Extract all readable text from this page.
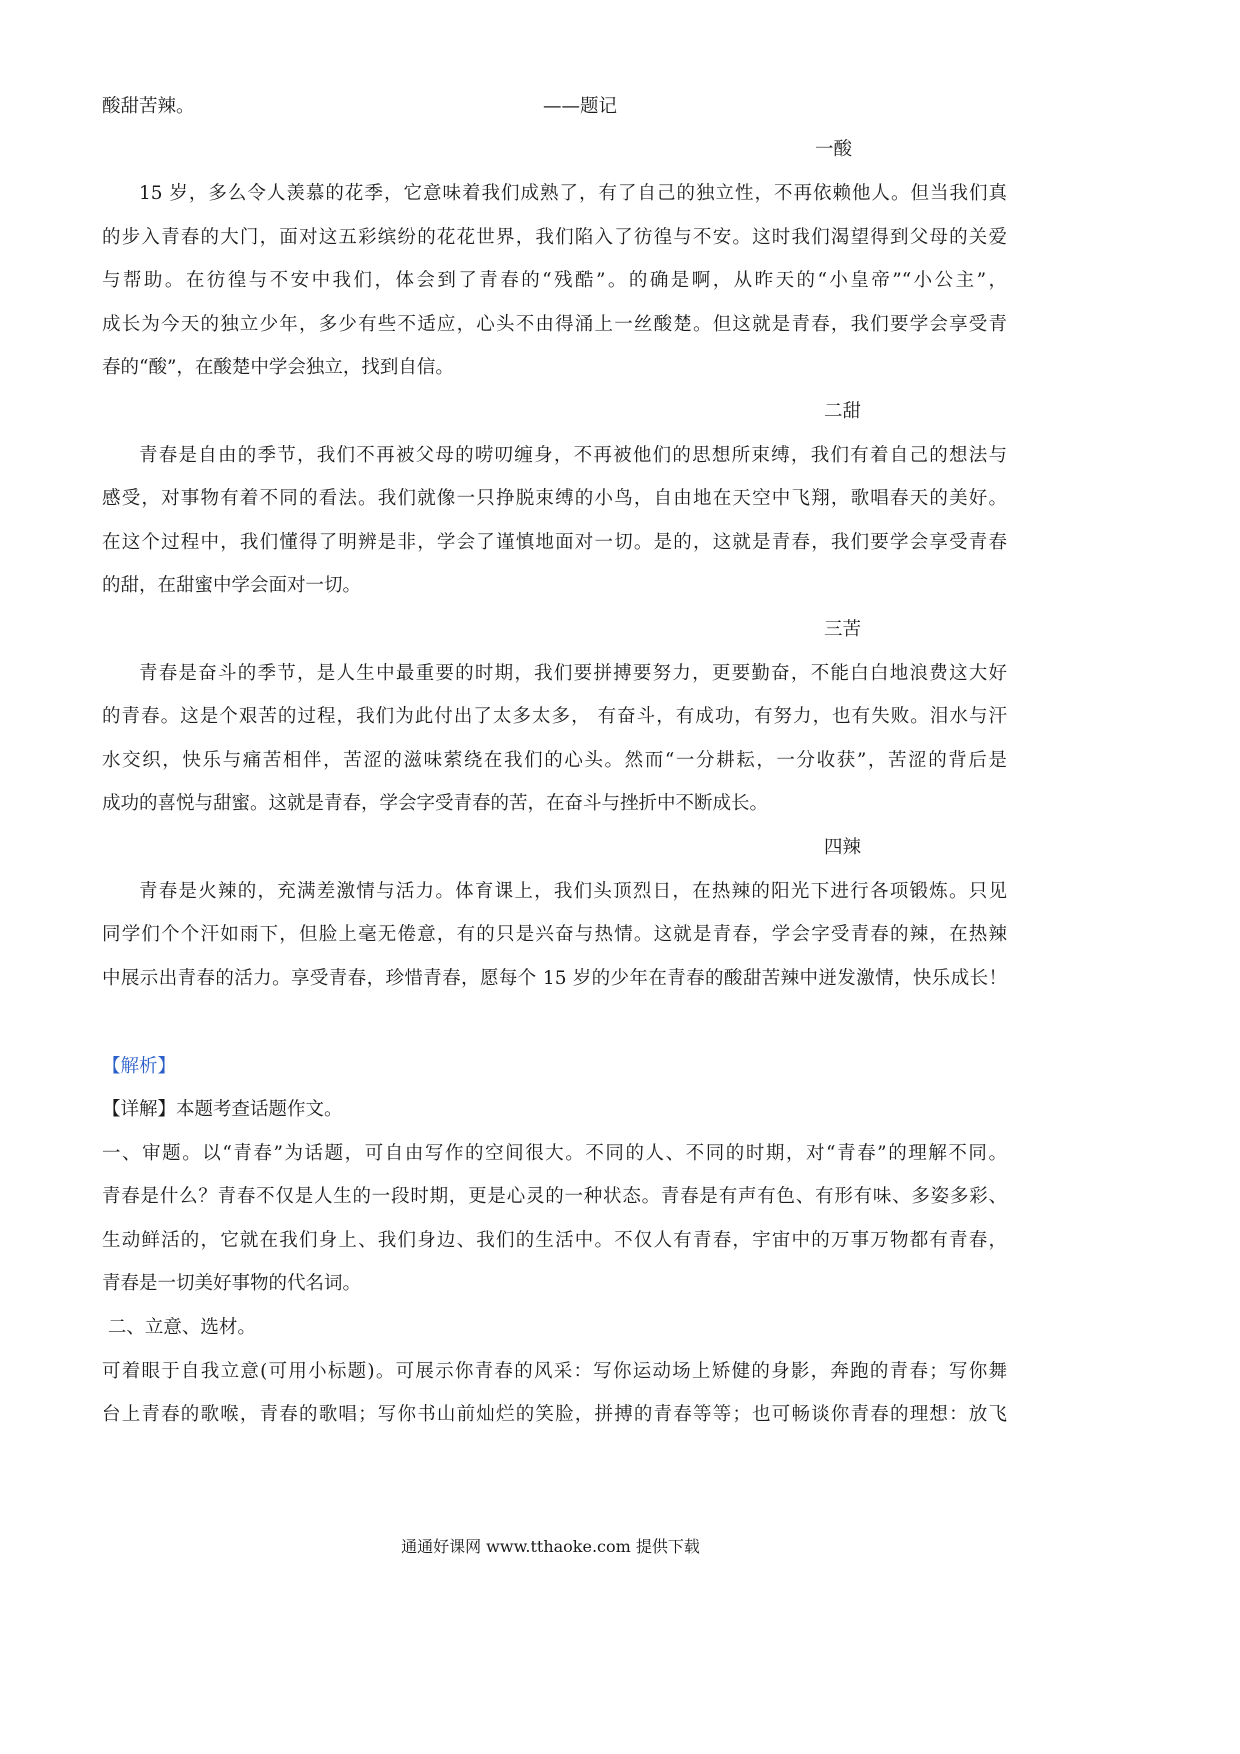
酸甜苦辣。	——题记
一酸
15 岁，多么令人羡慕的花季，它意味着我们成熟了，有了自己的独立性，不再依赖他人。但当我们真
的步入青春的大门，面对这五彩缤纷的花花世界，我们陷入了彷徨与不安。这时我们渴望得到父母的关爱
与帮助。在彷徨与不安中我们，体会到了青春的“残酷”。的确是啊，从昨天的“小皇帝”“小公主”，
成长为今天的独立少年，多少有些不适应，心头不由得涌上一丝酸楚。但这就是青春，我们要学会享受青
春的“酸”，在酸楚中学会独立，找到自信。
二甜
青春是自由的季节，我们不再被父母的唠叨缠身，不再被他们的思想所束缚，我们有着自己的想法与
感受，对事物有着不同的看法。我们就像一只挣脱束缚的小鸟，自由地在天空中飞翔，歌唱春天的美好。
在这个过程中，我们懂得了明辨是非，学会了谨慎地面对一切。是的，这就是青春，我们要学会享受青春
的甜，在甜蜜中学会面对一切。
三苦
青春是奋斗的季节，是人生中最重要的时期，我们要拼搏要努力，更要勤奋，不能白白地浪费这大好
的青春。这是个艰苦的过程，我们为此付出了太多太多， 有奋斗，有成功，有努力，也有失败。泪水与汗
水交织，快乐与痛苦相伴，苦涩的滋味萦绕在我们的心头。然而“一分耕耘，一分收获”，苦涩的背后是
成功的喜悦与甜蜜。这就是青春，学会字受青春的苦，在奋斗与挫折中不断成长。
四辣
青春是火辣的，充满差激情与活力。体育课上，我们头顶烈日，在热辣的阳光下进行各项锻炼。只见
同学们个个汗如雨下，但脸上毫无倦意，有的只是兴奋与热情。这就是青春，学会字受青春的辣，在热辣
中展示出青春的活力。享受青春，珍惜青春，愿每个 15 岁的少年在青春的酸甜苦辣中迸发激情，快乐成长！
【解析】
【详解】本题考查话题作文。
一、审题。以“青春”为话题，可自由写作的空间很大。不同的人、不同的时期，对“青春”的理解不同。
青春是什么？青春不仅是人生的一段时期，更是心灵的一种状态。青春是有声有色、有形有味、多姿多彩、
生动鲜活的，它就在我们身上、我们身边、我们的生活中。不仅人有青春，宇宙中的万事万物都有青春，
青春是一切美好事物的代名词。
二、立意、选材。
可着眼于自我立意(可用小标题)。可展示你青春的风采：写你运动场上矫健的身影，奔跑的青春；写你舞
台上青春的歌喉，青春的歌唱；写你书山前灿烂的笑脸，拼搏的青春等等；也可畅谈你青春的理想：放飞
通通好课网 www.tthaoke.com 提供下载
